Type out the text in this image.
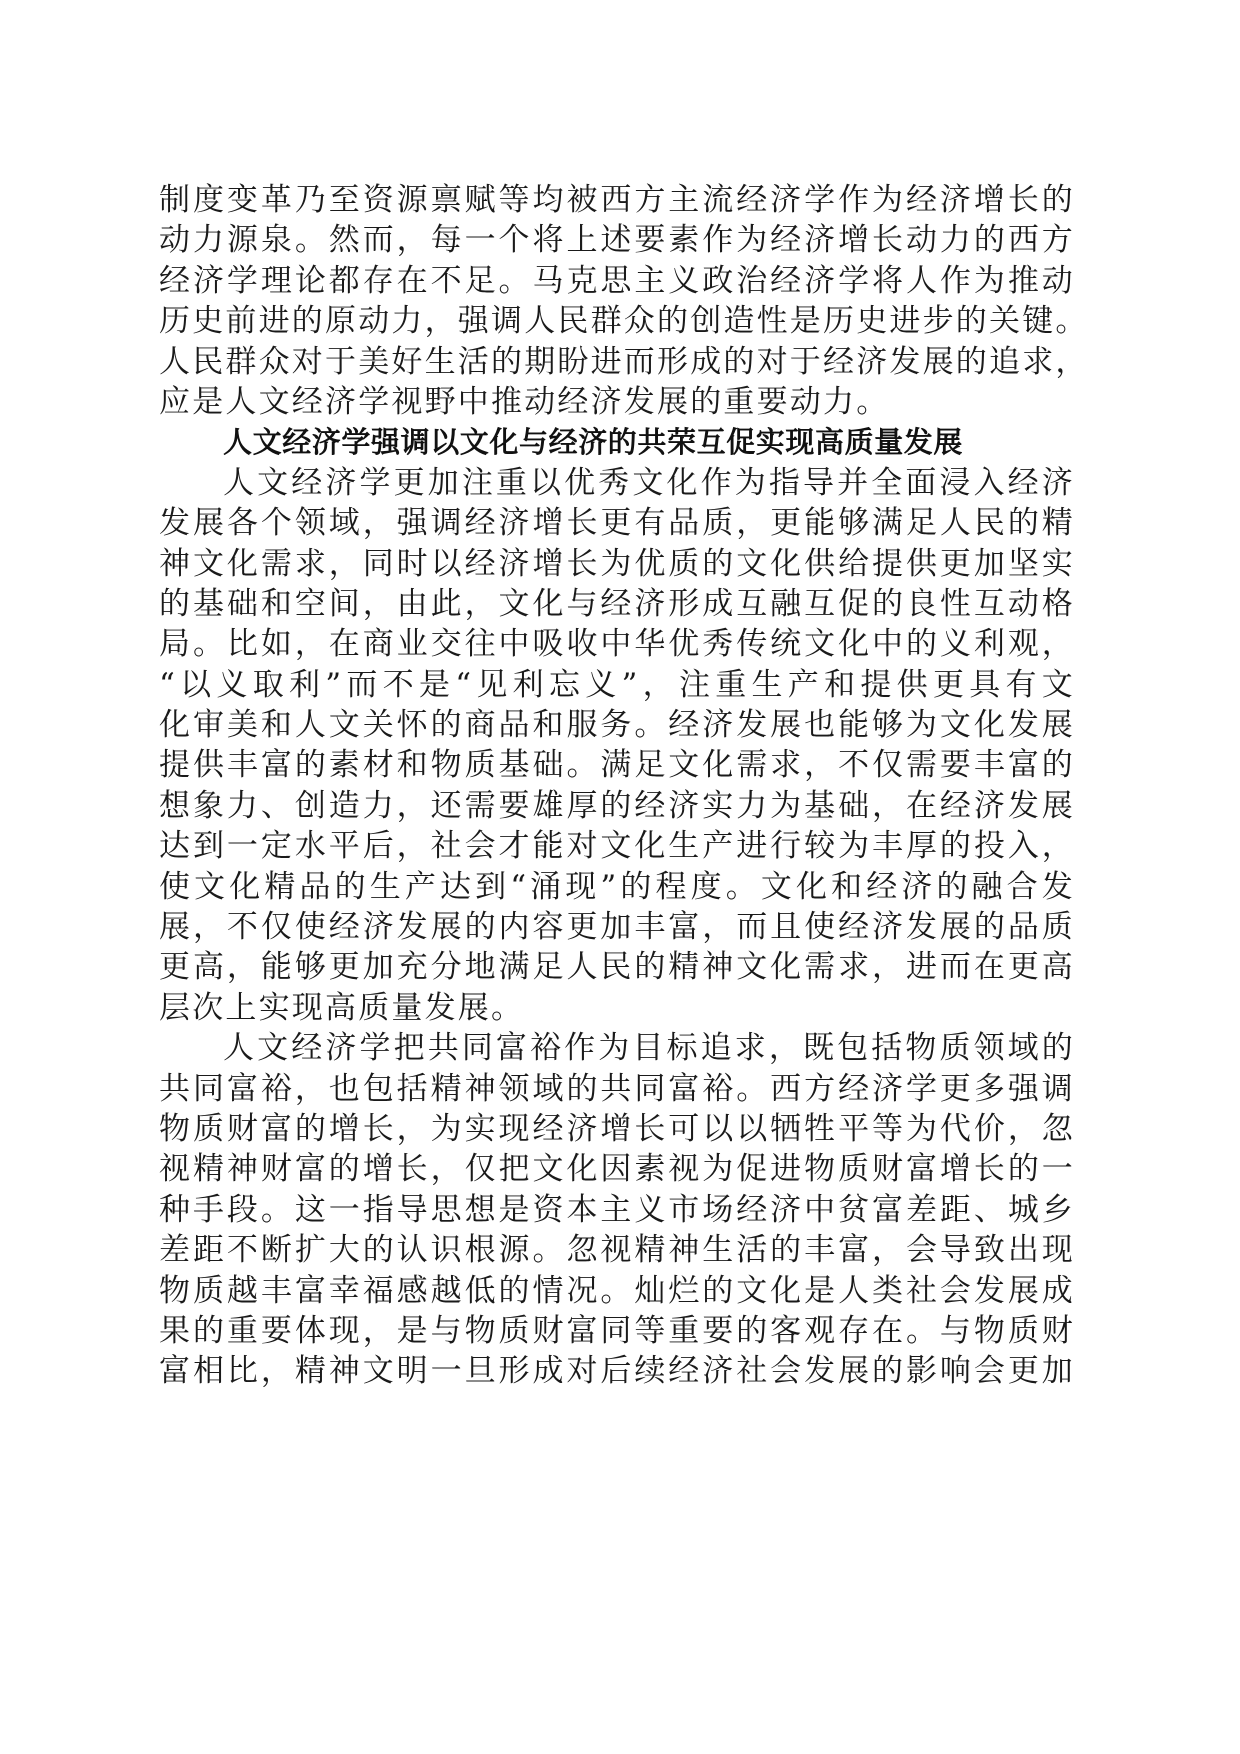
制度变革乃至资源禀赋等均被西方主流经济学作为经济增长的
动力源泉。然而，每一个将上述要素作为经济增长动力的西方
经济学理论都存在不足。马克思主义政治经济学将人作为推动
历史前进的原动力，强调人民群众的创造性是历史进步的关键。
人民群众对于美好生活的期盼进而形成的对于经济发展的追求，
应是人文经济学视野中推动经济发展的重要动力。
人文经济学强调以文化与经济的共荣互促实现高质量发展
人文经济学更加注重以优秀文化作为指导并全面浸入经济
发展各个领域，强调经济增长更有品质，更能够满足人民的精
神文化需求，同时以经济增长为优质的文化供给提供更加坚实
的基础和空间，由此，文化与经济形成互融互促的良性互动格
局。比如，在商业交往中吸收中华优秀传统文化中的义利观，
“以义取利”而不是“见利忘义”，注重生产和提供更具有文
化审美和人文关怀的商品和服务。经济发展也能够为文化发展
提供丰富的素材和物质基础。满足文化需求，不仅需要丰富的
想象力、创造力，还需要雄厚的经济实力为基础，在经济发展
达到一定水平后，社会才能对文化生产进行较为丰厚的投入，
使文化精品的生产达到“涌现”的程度。文化和经济的融合发
展，不仅使经济发展的内容更加丰富，而且使经济发展的品质
更高，能够更加充分地满足人民的精神文化需求，进而在更高
层次上实现高质量发展。
人文经济学把共同富裕作为目标追求，既包括物质领域的
共同富裕，也包括精神领域的共同富裕。西方经济学更多强调
物质财富的增长，为实现经济增长可以以牺牲平等为代价，忽
视精神财富的增长，仅把文化因素视为促进物质财富增长的一
种手段。这一指导思想是资本主义市场经济中贫富差距、城乡
差距不断扩大的认识根源。忽视精神生活的丰富，会导致出现
物质越丰富幸福感越低的情况。灿烂的文化是人类社会发展成
果的重要体现，是与物质财富同等重要的客观存在。与物质财
富相比，精神文明一旦形成对后续经济社会发展的影响会更加
